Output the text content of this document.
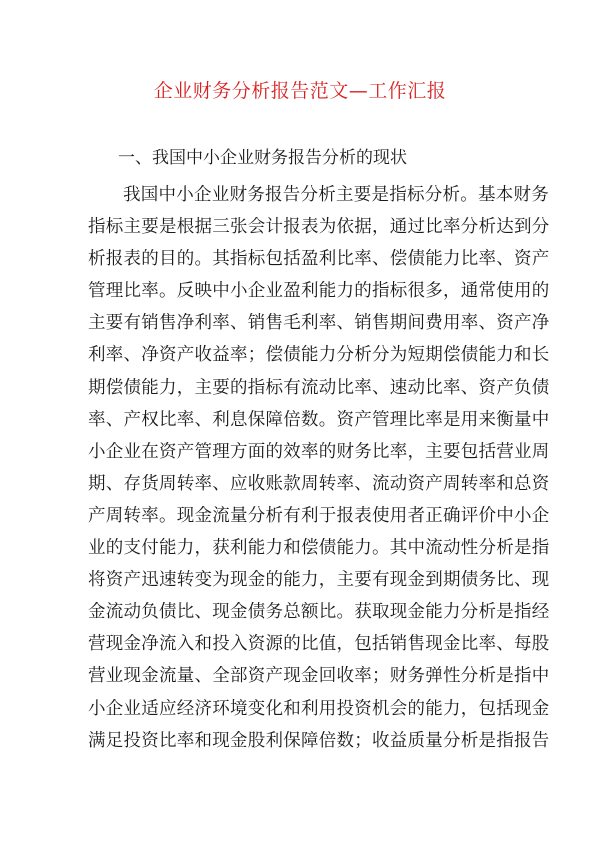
企业财务分析报告范文—工作汇报
一、我国中小企业财务报告分析的现状
我国中小企业财务报告分析主要是指标分析。基本财务
指标主要是根据三张会计报表为依据，通过比率分析达到分
析报表的目的。其指标包括盈利比率、偿债能力比率、资产
管理比率。反映中小企业盈利能力的指标很多，通常使用的
主要有销售净利率、销售毛利率、销售期间费用率、资产净
利率、净资产收益率；偿债能力分析分为短期偿债能力和长
期偿债能力，主要的指标有流动比率、速动比率、资产负债
率、产权比率、利息保障倍数。资产管理比率是用来衡量中
小企业在资产管理方面的效率的财务比率，主要包括营业周
期、存货周转率、应收账款周转率、流动资产周转率和总资
产周转率。现金流量分析有利于报表使用者正确评价中小企
业的支付能力，获利能力和偿债能力。其中流动性分析是指
将资产迅速转变为现金的能力，主要有现金到期债务比、现
金流动负债比、现金债务总额比。获取现金能力分析是指经
营现金净流入和投入资源的比值，包括销售现金比率、每股
营业现金流量、全部资产现金回收率；财务弹性分析是指中
小企业适应经济环境变化和利用投资机会的能力，包括现金
满足投资比率和现金股利保障倍数；收益质量分析是指报告
